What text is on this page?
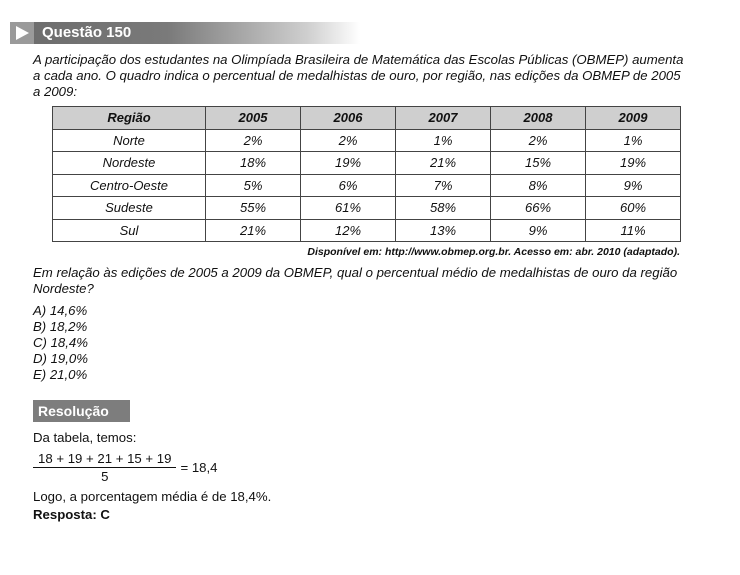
Questão 150
A participação dos estudantes na Olimpíada Brasileira de Matemática das Escolas Públicas (OBMEP) aumenta
a cada ano. O quadro indica o percentual de medalhistas de ouro, por região, nas edições da OBMEP de 2005
a 2009:
Região	2005	2006	2007	2008	2009
Norte	2%	2%	1%	2%	1%
Nordeste	18%	19%	21%	15%	19%
Centro-Oeste	5%	6%	7%	8%	9%
Sudeste	55%	61%	58%	66%	60%
Sul	21%	12%	13%	9%	11%
Disponível em: http://www.obmep.org.br. Acesso em: abr. 2010 (adaptado).
Em relação às edições de 2005 a 2009 da OBMEP, qual o percentual médio de medalhistas de ouro da região
Nordeste?
A) 14,6%
B) 18,2%
C) 18,4%
D) 19,0%
E) 21,0%
Resolução
Da tabela, temos:
$\frac{18 + 19 + 21 + 15 + 19}{5} = 18,4$
Logo, a porcentagem média é de 18,4%.
Resposta: C
